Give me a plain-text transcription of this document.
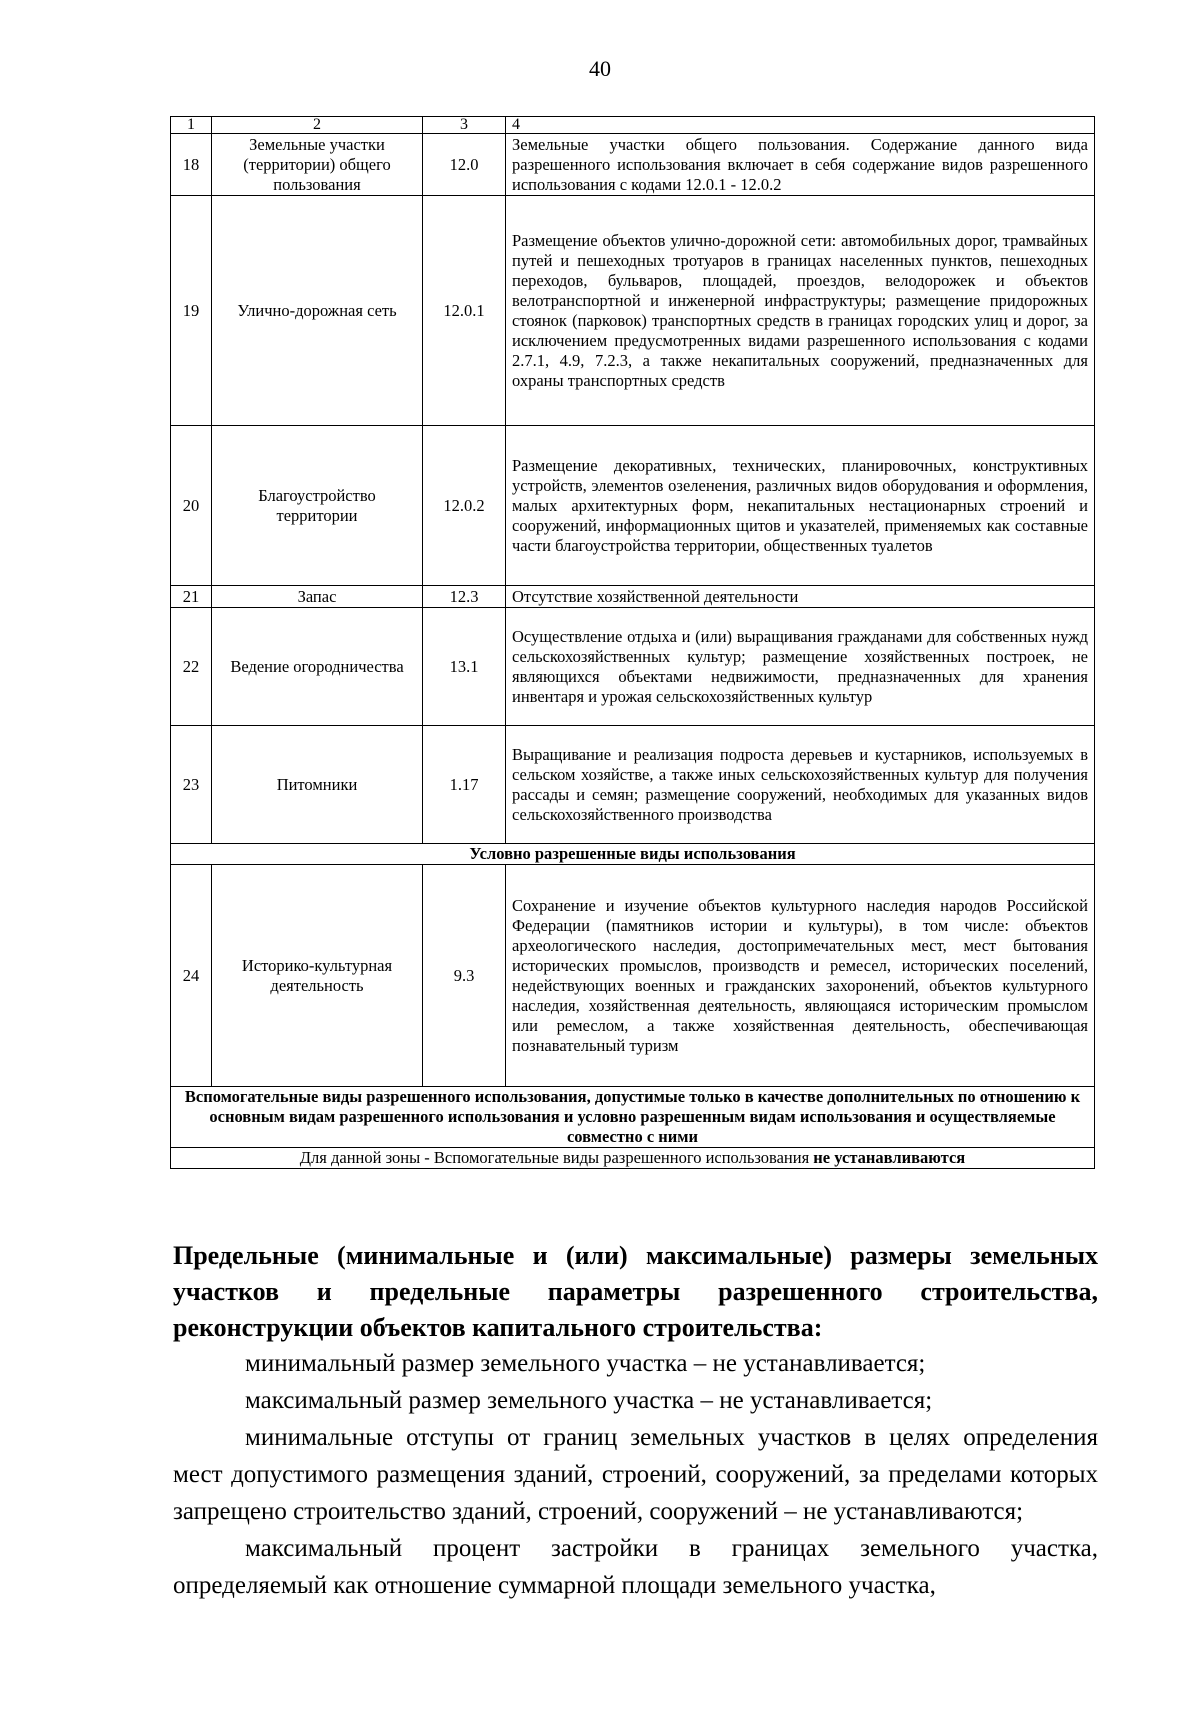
40
1	2	3	4
18	Земельные участки (территории) общего пользования	12.0	Земельные участки общего пользования. Содержание данного вида разрешенного использования включает в себя содержание видов разрешенного использования с кодами 12.0.1 - 12.0.2
19	Улично-дорожная сеть	12.0.1	Размещение объектов улично-дорожной сети: автомобильных дорог, трамвайных путей и пешеходных тротуаров в границах населенных пунктов, пешеходных переходов, бульваров, площадей, проездов, велодорожек и объектов велотранспортной и инженерной инфраструктуры; размещение придорожных стоянок (парковок) транспортных средств в границах городских улиц и дорог, за исключением предусмотренных видами разрешенного использования с кодами 2.7.1, 4.9, 7.2.3, а также некапитальных сооружений, предназначенных для охраны транспортных средств
20	Благоустройство территории	12.0.2	Размещение декоративных, технических, планировочных, конструктивных устройств, элементов озеленения, различных видов оборудования и оформления, малых архитектурных форм, некапитальных нестационарных строений и сооружений, информационных щитов и указателей, применяемых как составные части благоустройства территории, общественных туалетов
21	Запас	12.3	Отсутствие хозяйственной деятельности
22	Ведение огородничества	13.1	Осуществление отдыха и (или) выращивания гражданами для собственных нужд сельскохозяйственных культур; размещение хозяйственных построек, не являющихся объектами недвижимости, предназначенных для хранения инвентаря и урожая сельскохозяйственных культур
23	Питомники	1.17	Выращивание и реализация подроста деревьев и кустарников, используемых в сельском хозяйстве, а также иных сельскохозяйственных культур для получения рассады и семян; размещение сооружений, необходимых для указанных видов сельскохозяйственного производства
Условно разрешенные виды использования			
24	Историко-культурная деятельность	9.3	Сохранение и изучение объектов культурного наследия народов Российской Федерации (памятников истории и культуры), в том числе: объектов археологического наследия, достопримечательных мест, мест бытования исторических промыслов, производств и ремесел, исторических поселений, недействующих военных и гражданских захоронений, объектов культурного наследия, хозяйственная деятельность, являющаяся историческим промыслом или ремеслом, а также хозяйственная деятельность, обеспечивающая познавательный туризм
Вспомогательные виды разрешенного использования, допустимые только в качестве дополнительных по отношению к основным видам разрешенного использования и условно разрешенным видам использования и осуществляемые совместно с ними			
Для данной зоны - Вспомогательные виды разрешенного использования не устанавливаются			
Предельные (минимальные и (или) максимальные) размеры земельных участков и предельные параметры разрешенного строительства, реконструкции объектов капитального строительства:

минимальный размер земельного участка – не устанавливается;

максимальный размер земельного участка – не устанавливается;

минимальные отступы от границ земельных участков в целях определения мест допустимого размещения зданий, строений, сооружений, за пределами которых запрещено строительство зданий, строений, сооружений – не устанавливаются;

максимальный процент застройки в границах земельного участка, определяемый как отношение суммарной площади земельного участка,
